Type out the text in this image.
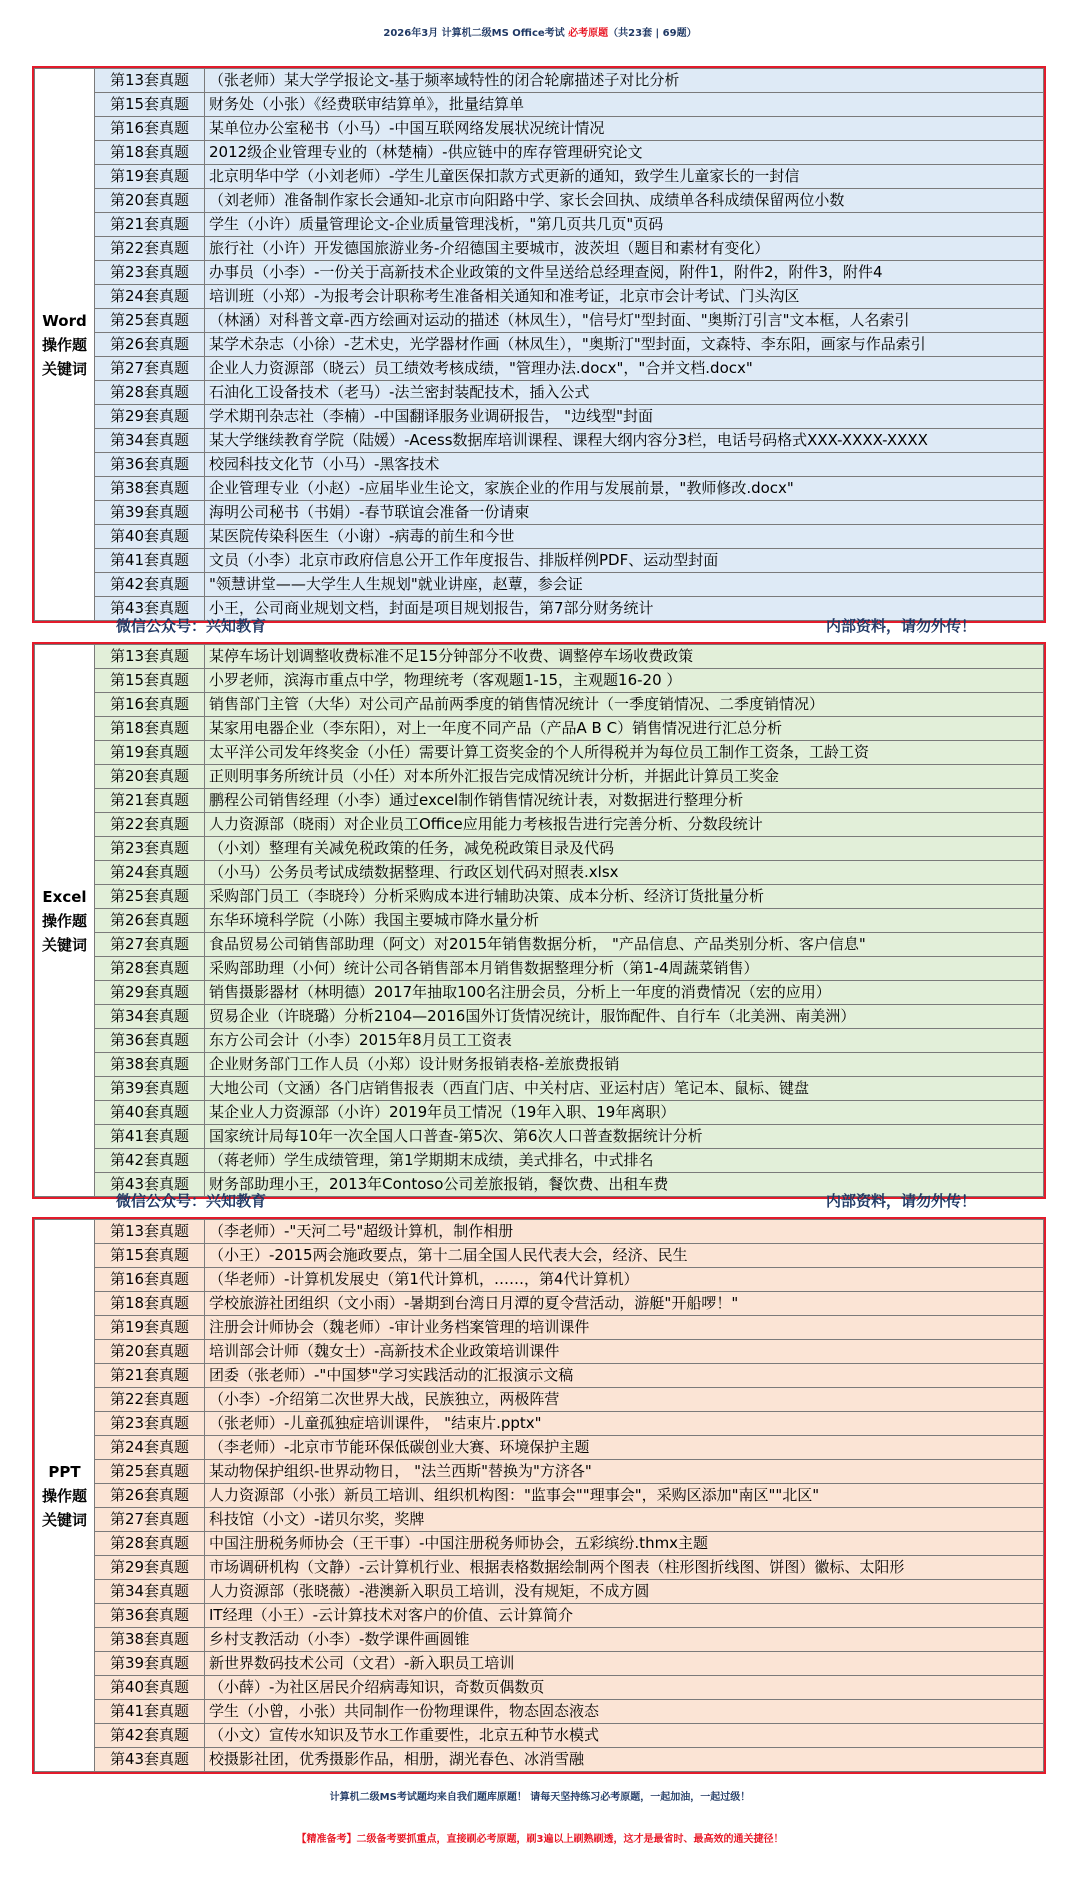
2026年3月 计算机二级MS Office考试 必考原题（共23套 | 69题）
Word
操作题
关键词	第13套真题	（张老师）某大学学报论文-基于频率域特性的闭合轮廓描述子对比分析
	第15套真题	财务处（小张）《经费联审结算单》，批量结算单
	第16套真题	某单位办公室秘书（小马）-中国互联网络发展状况统计情况
	第18套真题	2012级企业管理专业的（林楚楠）-供应链中的库存管理研究论文
	第19套真题	北京明华中学（小刘老师）-学生儿童医保扣款方式更新的通知，致学生儿童家长的一封信
	第20套真题	（刘老师）准备制作家长会通知-北京市向阳路中学、家长会回执、成绩单各科成绩保留两位小数
	第21套真题	学生（小许）质量管理论文-企业质量管理浅析，"第几页共几页"页码
	第22套真题	旅行社（小许）开发德国旅游业务-介绍德国主要城市，波茨坦（题目和素材有变化）
	第23套真题	办事员（小李）-一份关于高新技术企业政策的文件呈送给总经理查阅，附件1，附件2，附件3，附件4
	第24套真题	培训班（小郑）-为报考会计职称考生准备相关通知和准考证，北京市会计考试、门头沟区
	第25套真题	（林涵）对科普文章-西方绘画对运动的描述（林凤生），"信号灯"型封面、"奥斯汀引言"文本框，人名索引
	第26套真题	某学术杂志（小徐）-艺术史，光学器材作画（林凤生），"奥斯汀"型封面，文森特、李东阳，画家与作品索引
	第27套真题	企业人力资源部（晓云）员工绩效考核成绩，"管理办法.docx"，"合并文档.docx"
	第28套真题	石油化工设备技术（老马）-法兰密封装配技术，插入公式
	第29套真题	学术期刊杂志社（李楠）-中国翻译服务业调研报告， "边线型"封面
	第34套真题	某大学继续教育学院（陆媛）-Acess数据库培训课程、课程大纲内容分3栏，电话号码格式XXX-XXXX-XXXX
	第36套真题	校园科技文化节（小马）-黑客技术
	第38套真题	企业管理专业（小赵）-应届毕业生论文，家族企业的作用与发展前景，"教师修改.docx"
	第39套真题	海明公司秘书（书娟）-春节联谊会准备一份请柬
	第40套真题	某医院传染科医生（小谢）-病毒的前生和今世
	第41套真题	文员（小李）北京市政府信息公开工作年度报告、排版样例PDF、运动型封面
	第42套真题	"领慧讲堂——大学生人生规划"就业讲座，赵蕈，参会证
	第43套真题	小王，公司商业规划文档，封面是项目规划报告，第7部分财务统计
微信公众号：兴知教育	内部资料，请勿外传！
Excel
操作题
关键词	第13套真题	某停车场计划调整收费标准不足15分钟部分不收费、调整停车场收费政策
	第15套真题	小罗老师，滨海市重点中学，物理统考（客观题1-15，主观题16-20 ）
	第16套真题	销售部门主管（大华）对公司产品前两季度的销售情况统计（一季度销情况、二季度销情况）
	第18套真题	某家用电器企业（李东阳），对上一年度不同产品（产品A B C）销售情况进行汇总分析
	第19套真题	太平洋公司发年终奖金（小任）需要计算工资奖金的个人所得税并为每位员工制作工资条，工龄工资
	第20套真题	正则明事务所统计员（小任）对本所外汇报告完成情况统计分析，并据此计算员工奖金
	第21套真题	鹏程公司销售经理（小李）通过excel制作销售情况统计表，对数据进行整理分析
	第22套真题	人力资源部（晓雨）对企业员工Office应用能力考核报告进行完善分析、分数段统计
	第23套真题	（小刘）整理有关减免税政策的任务，减免税政策目录及代码
	第24套真题	（小马）公务员考试成绩数据整理、行政区划代码对照表.xlsx
	第25套真题	采购部门员工（李晓玲）分析采购成本进行辅助决策、成本分析、经济订货批量分析
	第26套真题	东华环境科学院（小陈）我国主要城市降水量分析
	第27套真题	食品贸易公司销售部助理（阿文）对2015年销售数据分析， "产品信息、产品类别分析、客户信息"
	第28套真题	采购部助理（小何）统计公司各销售部本月销售数据整理分析（第1-4周蔬菜销售）
	第29套真题	销售摄影器材（林明德）2017年抽取100名注册会员，分析上一年度的消费情况（宏的应用）
	第34套真题	贸易企业（许晓璐）分析2104—2016国外订货情况统计，服饰配件、自行车（北美洲、南美洲）
	第36套真题	东方公司会计（小李）2015年8月员工工资表
	第38套真题	企业财务部门工作人员（小郑）设计财务报销表格-差旅费报销
	第39套真题	大地公司（文涵）各门店销售报表（西直门店、中关村店、亚运村店）笔记本、鼠标、键盘
	第40套真题	某企业人力资源部（小许）2019年员工情况（19年入职、19年离职）
	第41套真题	国家统计局每10年一次全国人口普查-第5次、第6次人口普查数据统计分析
	第42套真题	（蒋老师）学生成绩管理，第1学期期末成绩，美式排名，中式排名
	第43套真题	财务部助理小王，2013年Contoso公司差旅报销，餐饮费、出租车费
微信公众号：兴知教育	内部资料，请勿外传！
PPT
操作题
关键词	第13套真题	（李老师）-"天河二号"超级计算机，制作相册
	第15套真题	（小王）-2015两会施政要点，第十二届全国人民代表大会，经济、民生
	第16套真题	（华老师）-计算机发展史（第1代计算机，……，第4代计算机）
	第18套真题	学校旅游社团组织（文小雨）-暑期到台湾日月潭的夏令营活动，游艇"开船啰！"
	第19套真题	注册会计师协会（魏老师）-审计业务档案管理的培训课件
	第20套真题	培训部会计师（魏女士）-高新技术企业政策培训课件
	第21套真题	团委（张老师）-"中国梦"学习实践活动的汇报演示文稿
	第22套真题	（小李）-介绍第二次世界大战，民族独立，两极阵营
	第23套真题	（张老师）-儿童孤独症培训课件， "结束片.pptx"
	第24套真题	（李老师）-北京市节能环保低碳创业大赛、环境保护主题
	第25套真题	某动物保护组织-世界动物日， "法兰西斯"替换为"方济各"
	第26套真题	人力资源部（小张）新员工培训、组织机构图："监事会""理事会"，采购区添加"南区""北区"
	第27套真题	科技馆（小文）-诺贝尔奖，奖牌
	第28套真题	中国注册税务师协会（王干事）-中国注册税务师协会，五彩缤纷.thmx主题
	第29套真题	市场调研机构（文静）-云计算机行业、根据表格数据绘制两个图表（柱形图折线图、饼图）徽标、太阳形
	第34套真题	人力资源部（张晓薇）-港澳新入职员工培训，没有规矩，不成方圆
	第36套真题	IT经理（小王）-云计算技术对客户的价值、云计算简介
	第38套真题	乡村支教活动（小李）-数学课件画圆锥
	第39套真题	新世界数码技术公司（文君）-新入职员工培训
	第40套真题	（小薛）-为社区居民介绍病毒知识，奇数页偶数页
	第41套真题	学生（小曾，小张）共同制作一份物理课件，物态固态液态
	第42套真题	（小文）宣传水知识及节水工作重要性，北京五种节水模式
	第43套真题	校摄影社团，优秀摄影作品，相册，湖光春色、冰消雪融
计算机二级MS考试题均来自我们题库原题！ 请每天坚持练习必考原题，一起加油，一起过级！
【精准备考】二级备考要抓重点，直接刷必考原题，刷3遍以上刷熟刷透，这才是最省时、最高效的通关捷径！
